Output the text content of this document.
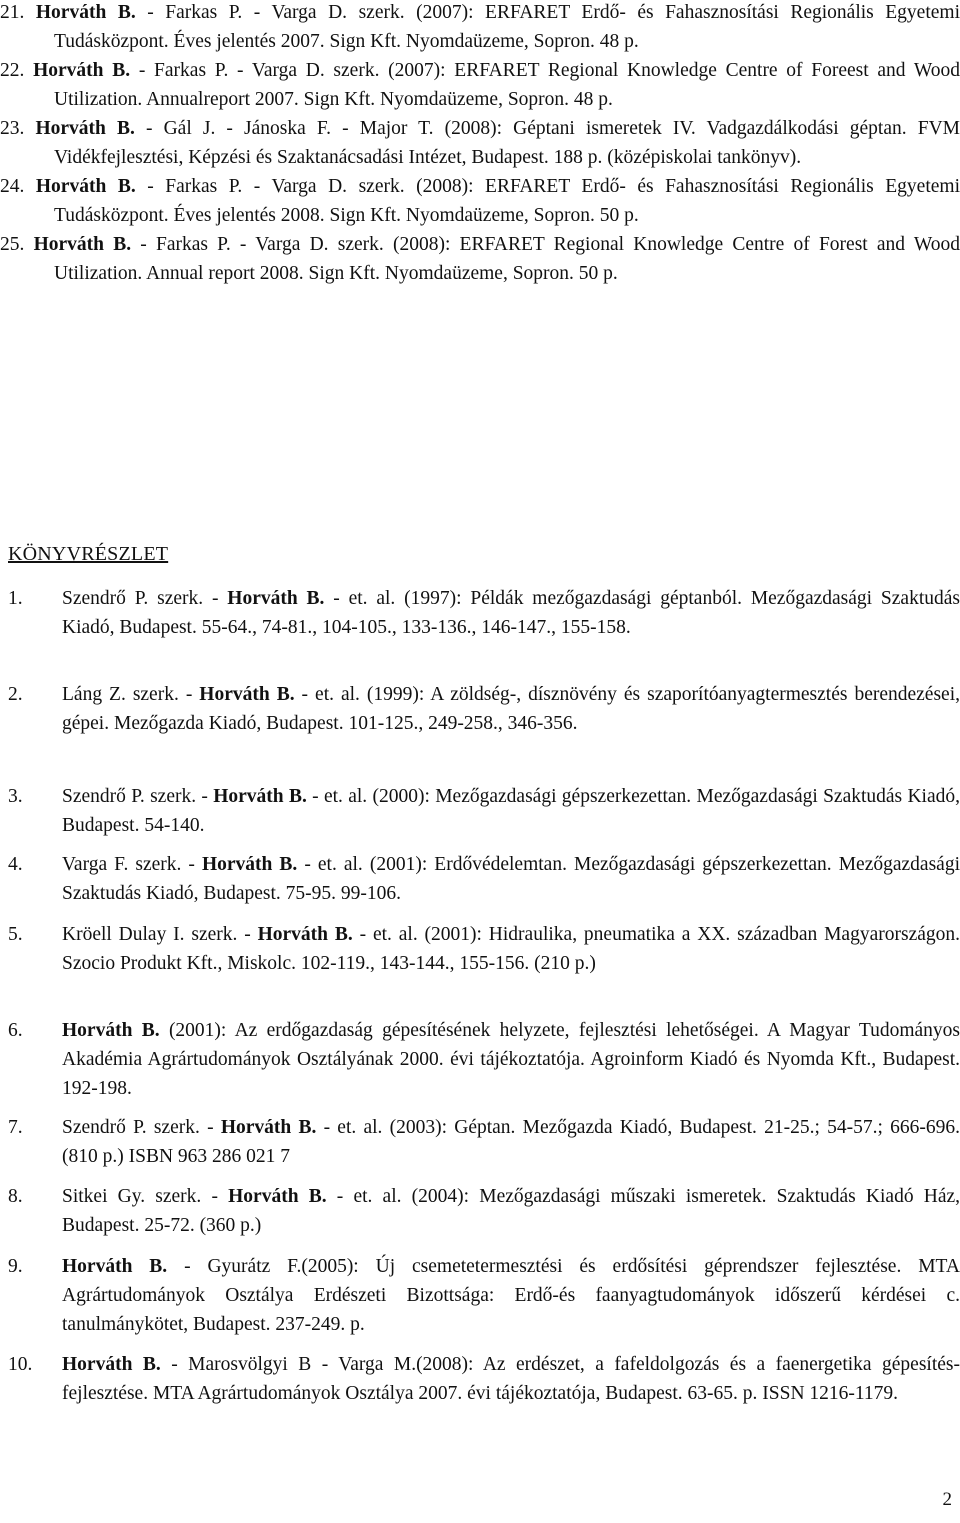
21. Horváth B. - Farkas P. - Varga D. szerk. (2007): ERFARET Erdő- és Fahasznosítási Regionális Egyetemi Tudásközpont. Éves jelentés 2007. Sign Kft. Nyomdaüzeme, Sopron. 48 p.

22. Horváth B. - Farkas P. - Varga D. szerk. (2007): ERFARET Regional Knowledge Centre of Foreest and Wood Utilization. Annualreport 2007. Sign Kft. Nyomdaüzeme, Sopron. 48 p.

23. Horváth B. - Gál J. - Jánoska F. - Major T. (2008): Géptani ismeretek IV. Vadgazdálkodási géptan. FVM Vidékfejlesztési, Képzési és Szaktanácsadási Intézet, Budapest. 188 p. (középiskolai tankönyv).

24. Horváth B. - Farkas P. - Varga D. szerk. (2008): ERFARET Erdő- és Fahasznosítási Regionális Egyetemi Tudásközpont. Éves jelentés 2008. Sign Kft. Nyomdaüzeme, Sopron. 50 p.

25. Horváth B. - Farkas P. - Varga D. szerk. (2008): ERFARET Regional Knowledge Centre of Forest and Wood Utilization. Annual report 2008. Sign Kft. Nyomdaüzeme, Sopron. 50 p.

KÖNYVRÉSZLET
1. Szendrő P. szerk. - Horváth B. - et. al. (1997): Példák mezőgazdasági géptanból. Mezőgazdasági Szaktudás Kiadó, Budapest. 55-64., 74-81., 104-105., 133-136., 146-147., 155-158.
2. Láng Z. szerk. - Horváth B. - et. al. (1999): A zöldség-, dísznövény és szaporítóanyagtermesztés berendezései, gépei. Mezőgazda Kiadó, Budapest. 101-125., 249-258., 346-356.
3. Szendrő P. szerk. - Horváth B. - et. al. (2000): Mezőgazdasági gépszerkezettan. Mezőgazdasági Szaktudás Kiadó, Budapest. 54-140.
4. Varga F. szerk. - Horváth B. - et. al. (2001): Erdővédelemtan. Mezőgazdasági gépszerkezettan. Mezőgazdasági Szaktudás Kiadó, Budapest. 75-95. 99-106.
5. Kröell Dulay I. szerk. - Horváth B. - et. al. (2001): Hidraulika, pneumatika a XX. században Magyarországon. Szocio Produkt Kft., Miskolc. 102-119., 143-144., 155-156. (210 p.)
6. Horváth B. (2001): Az erdőgazdaság gépesítésének helyzete, fejlesztési lehetőségei. A Magyar Tudományos Akadémia Agrártudományok Osztályának 2000. évi tájékoztatója. Agroinform Kiadó és Nyomda Kft., Budapest. 192-198.
7. Szendrő P. szerk. - Horváth B. - et. al. (2003): Géptan. Mezőgazda Kiadó, Budapest. 21-25.; 54-57.; 666-696. (810 p.) ISBN 963 286 021 7
8. Sitkei Gy. szerk. - Horváth B. - et. al. (2004): Mezőgazdasági műszaki ismeretek. Szaktudás Kiadó Ház, Budapest. 25-72. (360 p.)
9. Horváth B. - Gyurátz F.(2005): Új csemetetermesztési és erdősítési géprendszer fejlesztése. MTA Agrártudományok Osztálya Erdészeti Bizottsága: Erdő-és faanyagtudományok időszerű kérdései c. tanulmánykötet, Budapest. 237-249. p.
10. Horváth B. - Marosvölgyi B - Varga M.(2008): Az erdészet, a fafeldolgozás és a faenergetika gépesítés-fejlesztése. MTA Agrártudományok Osztálya 2007. évi tájékoztatója, Budapest. 63-65. p. ISSN 1216-1179.
2
